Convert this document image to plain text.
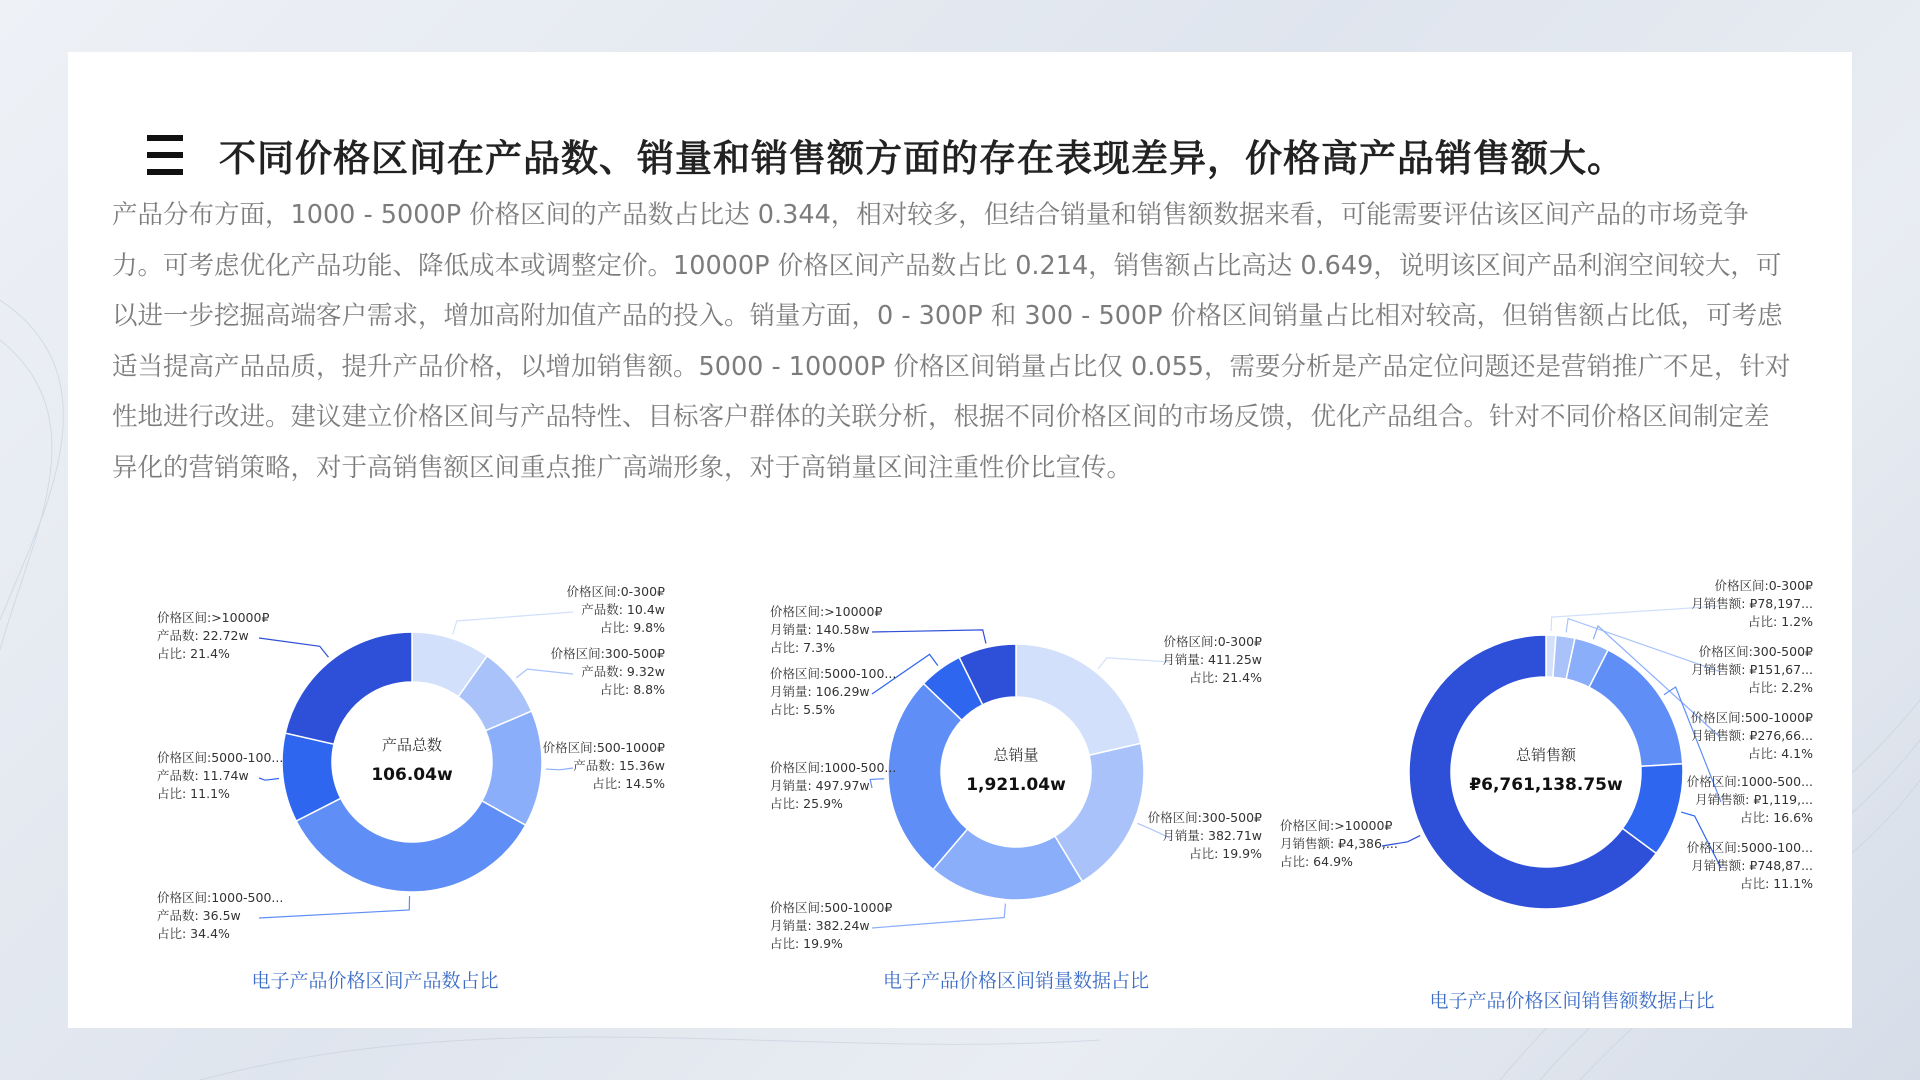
不同价格区间在产品数、销量和销售额方面的存在表现差异，价格高产品销售额大。

产品分布方面，1000 - 5000P 价格区间的产品数占比达 0.344，相对较多，但结合销量和销售额数据来看，可能需要评估该区间产品的市场竞争力。可考虑优化产品功能、降低成本或调整定价。10000P 价格区间产品数占比 0.214，销售额占比高达 0.649，说明该区间产品利润空间较大，可以进一步挖掘高端客户需求，增加高附加值产品的投入。销量方面，0 - 300P 和 300 - 500P 价格区间销量占比相对较高，但销售额占比低，可考虑适当提高产品品质，提升产品价格，以增加销售额。5000 - 10000P 价格区间销量占比仅 0.055，需要分析是产品定位问题还是营销推广不足，针对性地进行改进。建议建立价格区间与产品特性、目标客户群体的关联分析，根据不同价格区间的市场反馈，优化产品组合。针对不同价格区间制定差异化的营销策略，对于高销售额区间重点推广高端形象，对于高销量区间注重性价比宣传。

价格区间:0-300₽
产品数: 10.4w
占比: 9.8%
价格区间:300-500₽
产品数: 9.32w
占比: 8.8%
价格区间:500-1000₽
产品数: 15.36w
占比: 14.5%
价格区间:1000-500...
产品数: 36.5w
占比: 34.4%
价格区间:5000-100...
产品数: 11.74w
占比: 11.1%
价格区间:>10000₽
产品数: 22.72w
占比: 21.4%
产品总数
106.04w
电子产品价格区间产品数占比
价格区间:0-300₽
月销量: 411.25w
占比: 21.4%
价格区间:300-500₽
月销量: 382.71w
占比: 19.9%
价格区间:500-1000₽
月销量: 382.24w
占比: 19.9%
价格区间:1000-500...
月销量: 497.97w
占比: 25.9%
价格区间:5000-100...
月销量: 106.29w
占比: 5.5%
价格区间:>10000₽
月销量: 140.58w
占比: 7.3%
总销量
1,921.04w
电子产品价格区间销量数据占比
价格区间:0-300₽
月销售额: ₽78,197...
占比: 1.2%
价格区间:300-500₽
月销售额: ₽151,67...
占比: 2.2%
价格区间:500-1000₽
月销售额: ₽276,66...
占比: 4.1%
价格区间:1000-500...
月销售额: ₽1,119,...
占比: 16.6%
价格区间:5000-100...
月销售额: ₽748,87...
占比: 11.1%
价格区间:>10000₽
月销售额: ₽4,386,...
占比: 64.9%
总销售额
₽6,761,138.75w
电子产品价格区间销售额数据占比
